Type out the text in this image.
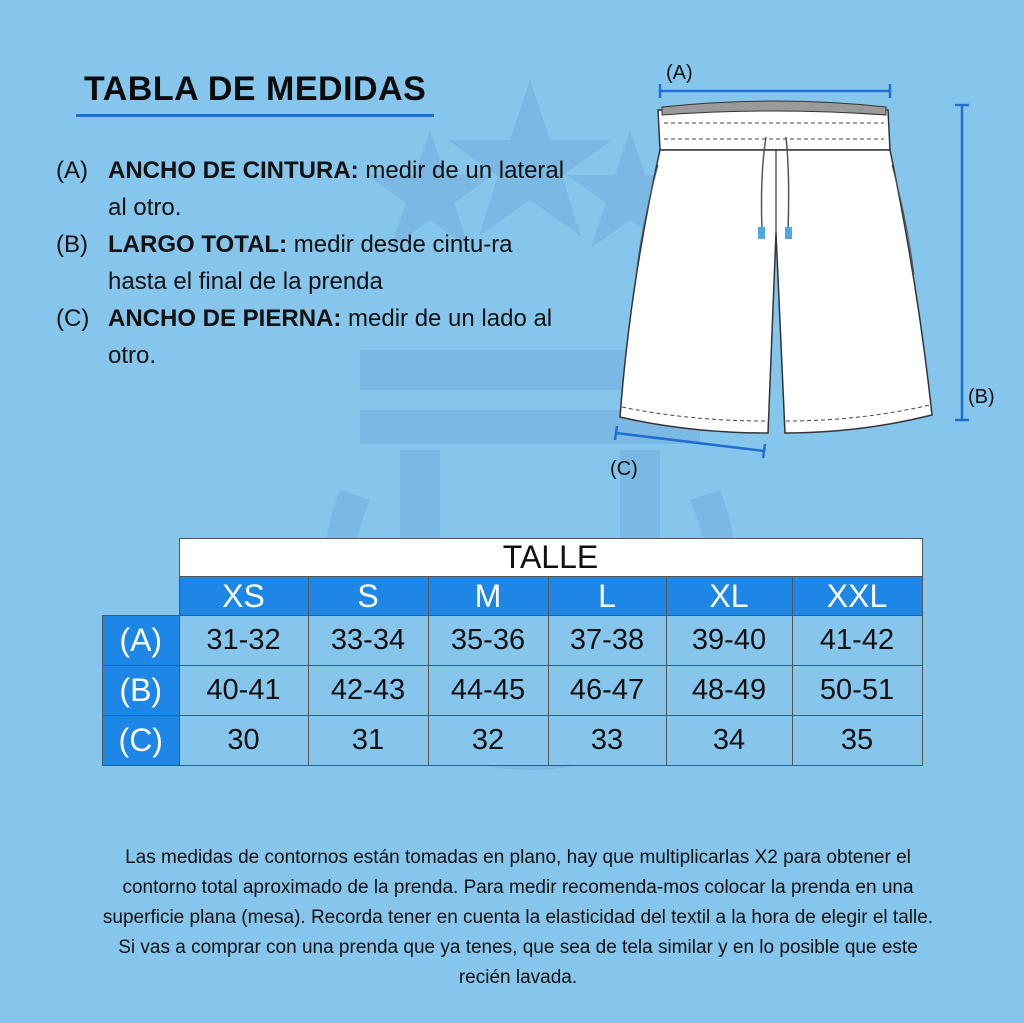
TABLA DE MEDIDAS
(A) ANCHO DE CINTURA: medir de un lateral al otro.
(B) LARGO TOTAL: medir desde cintu-ra hasta el final de la prenda
(C) ANCHO DE PIERNA: medir de un lado al otro.
(A)
(B)
(C)
	TALLE					
	XS	S	M	L	XL	XXL
(A)	31-32	33-34	35-36	37-38	39-40	41-42
(B)	40-41	42-43	44-45	46-47	48-49	50-51
(C)	30	31	32	33	34	35

Las medidas de contornos están tomadas en plano, hay que multiplicarlas X2 para obtener el contorno total aproximado de la prenda. Para medir recomenda-mos colocar la prenda en una superficie plana (mesa). Recorda tener en cuenta la elasticidad del textil a la hora de elegir el talle. Si vas a comprar con una prenda que ya tenes, que sea de tela similar y en lo posible que este recién lavada.
